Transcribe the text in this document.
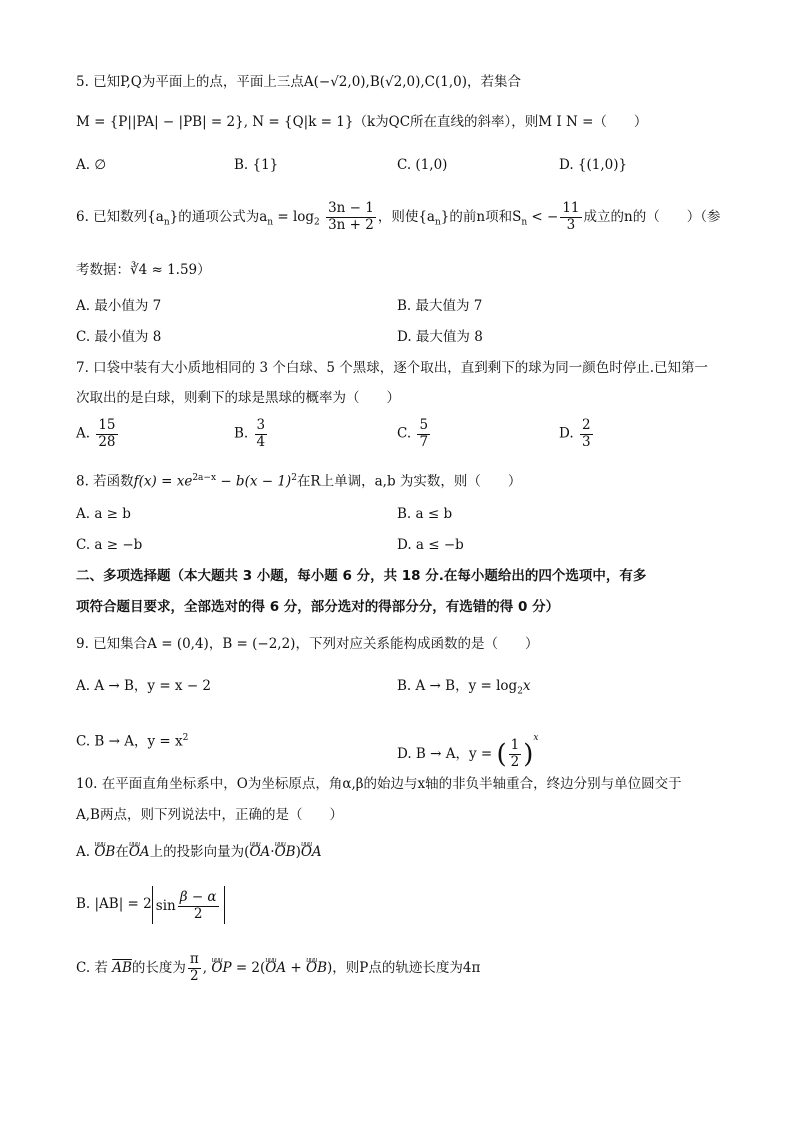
5. 已知P,Q为平面上的点，平面上三点A(−√2,0),B(√2,0),C(1,0)，若集合
M = {P||PA| − |PB| = 2}, N = {Q|k = 1}（k为QC所在直线的斜率），则M I N =（　　）
A. ∅	B. {1}	C. (1,0)	D. {(1,0)}
6. 已知数列$\{a_n\}$的通项公式为$a_n = \log_2 \frac{3n - 1}{3n + 2}$ ，则使$\{a_n\}$的前n项和$S_n$ < − $\frac{11}{3}$ 成立的n的（　　）（参
考数据：∛4 ≈ 1.59）
A. 最小值为 7	B. 最大值为 7
C. 最小值为 8	D. 最大值为 8
7. 口袋中装有大小质地相同的 3 个白球、5 个黑球，逐个取出，直到剩下的球为同一颜色时停止.已知第一
次取出的是白球，则剩下的球是黑球的概率为（　　）
A. $\frac{15}{28}$	B. $\frac{3}{4}$	C. $\frac{5}{7}$	D. $\frac{2}{3}$
8. 若函数$f(x) = xe^{2a-x} - b(x - 1)^2$在R上单调，a,b 为实数，则（　　）
A. a ≥ b	B. a ≤ b
C. a ≥ −b	D. a ≤ −b
二、多项选择题（本大题共 3 小题，每小题 6 分，共 18 分.在每小题给出的四个选项中，有多
项符合题目要求，全部选对的得 6 分，部分选对的得部分分，有选错的得 0 分）
9. 已知集合A = (0,4)，B = (−2,2)，下列对应关系能构成函数的是（　　）
A. A → B，y = x − 2	B. A → B，$y = \log_2x$
C. B → A，$y = x^2$
D. B → A，y = ( $\frac{1}{2} )^x$
10. 在平面直角坐标系中，O为坐标原点，角α,β的始边与x轴的非负半轴重合，终边分别与单位圆交于
A,B两点，则下列说法中，正确的是（　　）
A. uuu OB在uuu OA上的投影向量为(uuu OA·uuu OB)uuu OA
B. |AB| = 2 $\sin \frac{\beta - \alpha}{2}$
C. 若 $\overline{AB}$的长度为 $\frac{\pi}{2}$ , uuu OP = 2(uuu OA + uuu OB)，则P点的轨迹长度为4π
